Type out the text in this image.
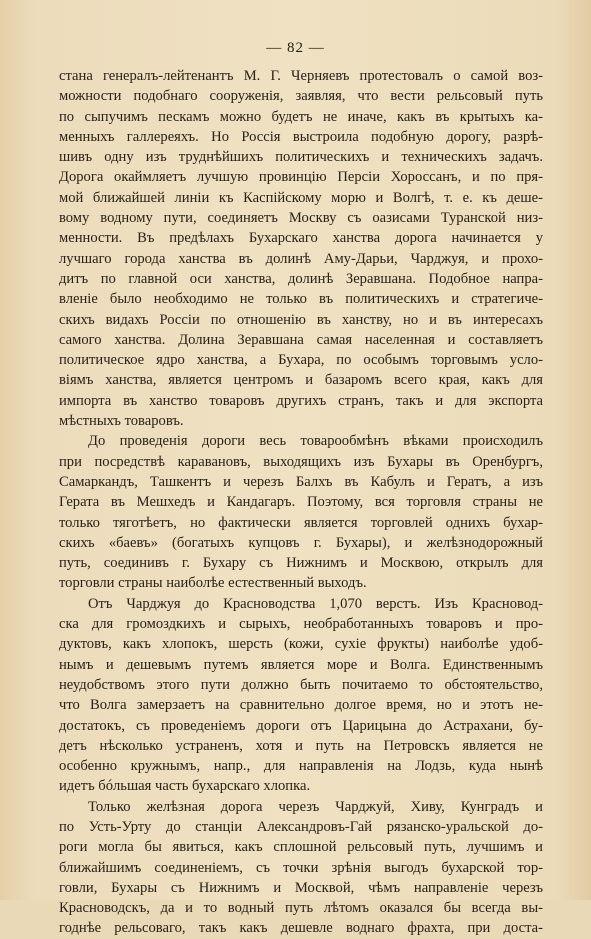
— 82 —
стана генералъ-лейтенантъ М. Г. Черняевъ протестовалъ о самой воз-
можности подобнаго сооруженія, заявляя, что вести рельсовый путь
по сыпучимъ пескамъ можно будетъ не иначе, какъ въ крытыхъ ка-
менныхъ галлереяхъ. Но Россія выстроила подобную дорогу, разрѣ-
шивъ одну изъ труднѣйшихъ политическихъ и техническихъ задачъ.
Дорога окаймляетъ лучшую провинцію Персіи Хороссанъ, и по пря-
мой ближайшей линіи къ Каспійскому морю и Волгѣ, т. е. къ деше-
вому водному пути, соединяетъ Москву съ оазисами Туранской низ-
менности. Въ предѣлахъ Бухарскаго ханства дорога начинается у
лучшаго города ханства въ долинѣ Аму-Дарьи, Чарджуя, и прохо-
дитъ по главной оси ханства, долинѣ Зеравшана. Подобное напра-
вленіе было необходимо не только въ политическихъ и стратегиче-
скихъ видахъ Россіи по отношенію въ ханству, но и въ интересахъ
самого ханства. Долина Зеравшана самая населенная и составляетъ
политическое ядро ханства, а Бухара, по особымъ торговымъ усло-
віямъ ханства, является центромъ и базаромъ всего края, какъ для
импорта въ ханство товаровъ другихъ странъ, такъ и для экспорта
мѣстныхъ товаровъ.
До проведенія дороги весь товарообмѣнъ вѣками происходилъ
при посредствѣ каравановъ, выходящихъ изъ Бухары въ Оренбургъ,
Самаркандъ, Ташкентъ и черезъ Балхъ въ Кабулъ и Гератъ, а изъ
Герата въ Мешхедъ и Кандагаръ. Поэтому, вся торговля страны не
только тяготѣетъ, но фактически является торговлей однихъ бухар-
скихъ «баевъ» (богатыхъ купцовъ г. Бухары), и желѣзнодорожный
путь, соединивъ г. Бухару съ Нижнимъ и Москвою, открылъ для
торговли страны наиболѣе естественный выходъ.
Отъ Чарджуя до Красноводства 1,070 верстъ. Изъ Красновод-
ска для громоздкихъ и сырыхъ, необработанныхъ товаровъ и про-
дуктовъ, какъ хлопокъ, шерсть (кожи, сухіе фрукты) наиболѣе удоб-
нымъ и дешевымъ путемъ является море и Волга. Единственнымъ
неудобствомъ этого пути должно быть почитаемо то обстоятельство,
что Волга замерзаетъ на сравнительно долгое время, но и этотъ не-
достатокъ, съ проведеніемъ дороги отъ Царицына до Астрахани, бу-
детъ нѣсколько устраненъ, хотя и путь на Петровскъ является не
особенно кружнымъ, напр., для направленія на Лодзь, куда нынѣ
идетъ бóльшая часть бухарскаго хлопка.
Только желѣзная дорога черезъ Чарджуй, Хиву, Кунградъ и
по Усть-Урту до станціи Александровъ-Гай рязанско-уральской до-
роги могла бы явиться, какъ сплошной рельсовый путь, лучшимъ и
ближайшимъ соединеніемъ, съ точки зрѣнія выгодъ бухарской тор-
говли, Бухары съ Нижнимъ и Москвой, чѣмъ направленіе черезъ
Красноводскъ, да и то водный путь лѣтомъ оказался бы всегда вы-
годнѣе рельсоваго, такъ какъ дешевле воднаго фрахта, при доста-
